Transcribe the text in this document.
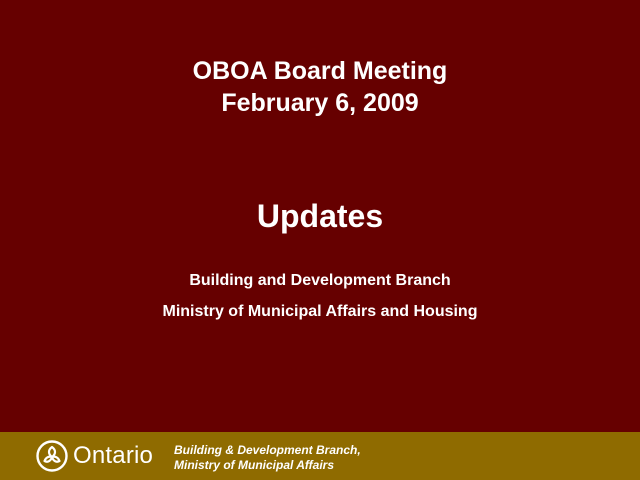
OBOA Board Meeting
February 6, 2009
Updates
Building and Development Branch
Ministry of Municipal Affairs and Housing
Ontario Building & Development Branch,
Ministry of Municipal Affairs
